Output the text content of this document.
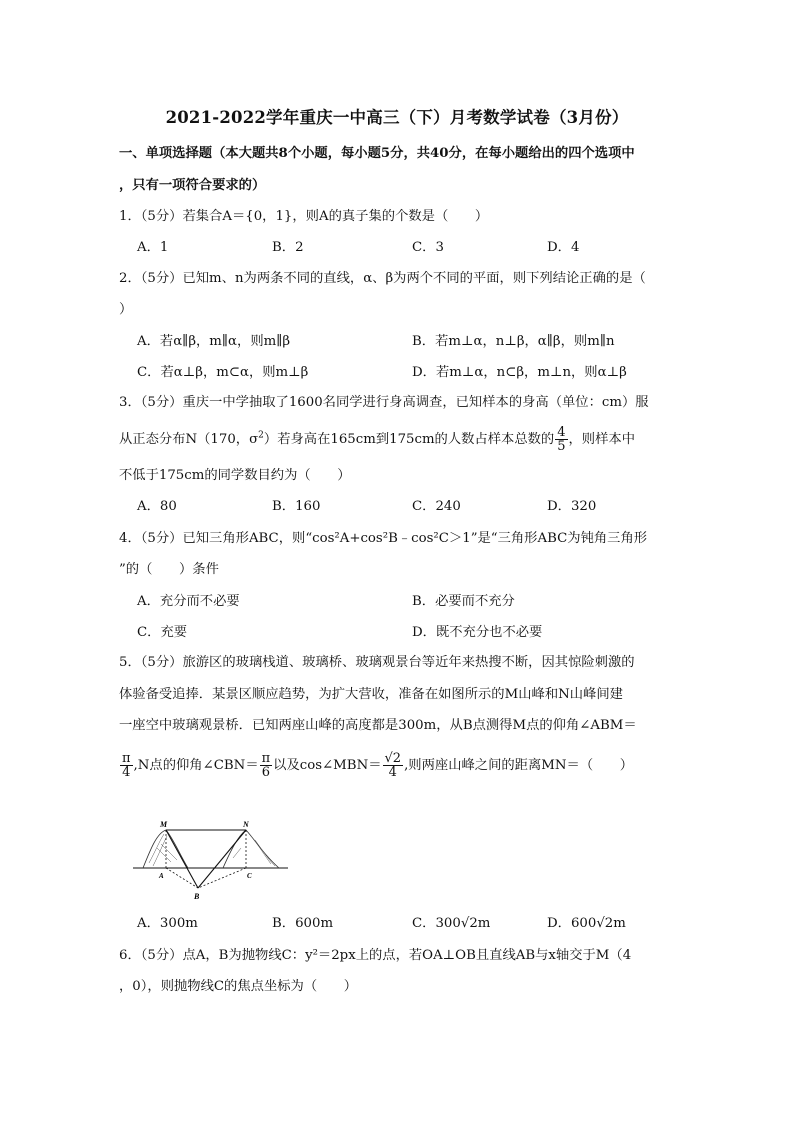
2021-2022学年重庆一中高三（下）月考数学试卷（3月份）
一、单项选择题（本大题共8个小题，每小题5分，共40分，在每小题给出的四个选项中
，只有一项符合要求的）
1．（5分）若集合A＝{0，1}，则A的真子集的个数是（　　）
A．1	B．2	C．3	D．4
2．（5分）已知m、n为两条不同的直线，α、β为两个不同的平面，则下列结论正确的是（
）
A．若α∥β，m∥α，则m∥β	B．若m⊥α，n⊥β，α∥β，则m∥n
C．若α⊥β，m⊂α，则m⊥β	D．若m⊥α，n⊂β，m⊥n，则α⊥β
3．（5分）重庆一中学抽取了1600名同学进行身高调查，已知样本的身高（单位：cm）服
从正态分布N（170，$\sigma^2$）若身高在165cm到175cm的人数占样本总数的 $\frac{4}{5}$ ，则样本中
不低于175cm的同学数目约为（　　）
A．80	B．160	C．240	D．320
4．（5分）已知三角形ABC，则“cos²A+cos²B﹣cos²C＞1”是“三角形ABC为钝角三角形
”的（　　）条件
A．充分而不必要	B．必要而不充分
C．充要	D．既不充分也不必要
5．（5分）旅游区的玻璃栈道、玻璃桥、玻璃观景台等近年来热搜不断，因其惊险刺激的
体验备受追捧．某景区顺应趋势，为扩大营收，准备在如图所示的M山峰和N山峰间建
一座空中玻璃观景桥．已知两座山峰的高度都是300m，从B点测得M点的仰角∠ABM＝
$\frac{\pi}{4} ,N$点的仰角∠CBN＝ $\frac{\pi}{6}$ 以及cos∠MBN＝ $\frac{√2}{4}$ ,则两座山峰之间的距离MN＝（　　）
M	N
A
B
C
A．300m	B．600m	C．300√2m	D．600√2m
6．（5分）点A，B为抛物线C：y²＝2px上的点，若OA⊥OB且直线AB与x轴交于M（4
，0），则抛物线C的焦点坐标为（　　）
